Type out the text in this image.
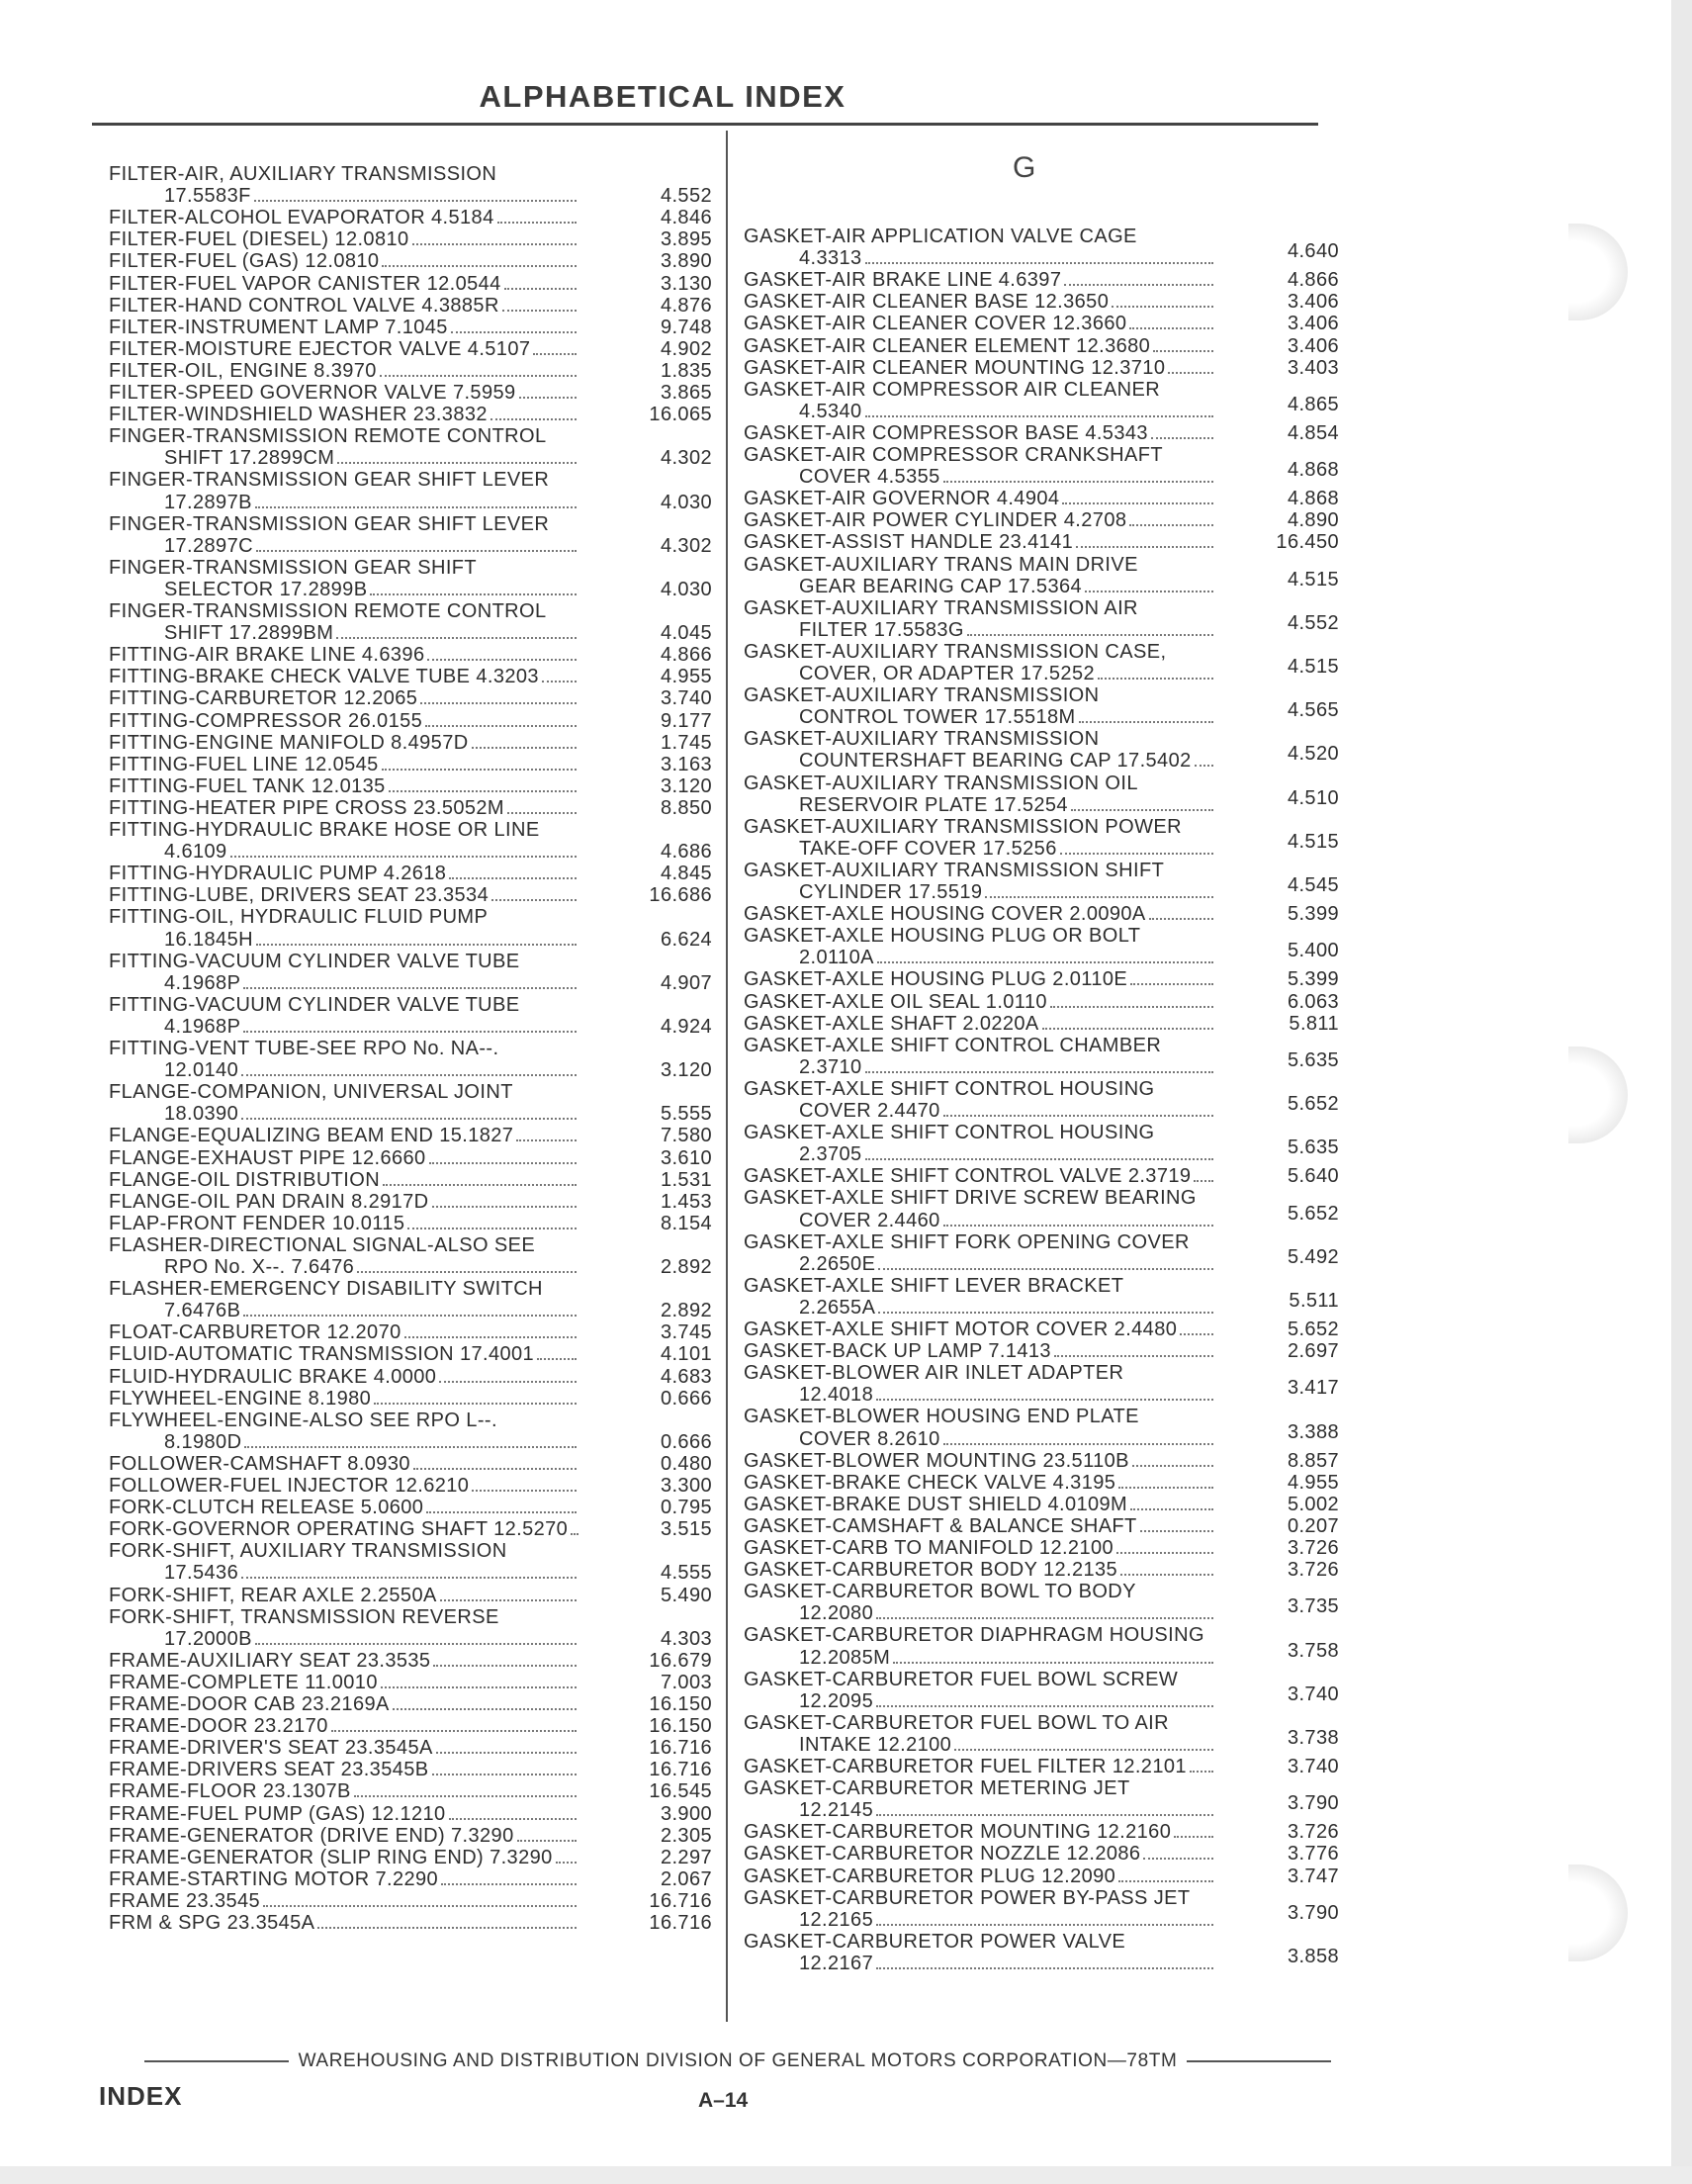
ALPHABETICAL INDEX
FILTER-AIR, AUXILIARY TRANSMISSION
17.5583F	4.552
FILTER-ALCOHOL EVAPORATOR 4.5184	4.846
FILTER-FUEL (DIESEL) 12.0810	3.895
FILTER-FUEL (GAS) 12.0810	3.890
FILTER-FUEL VAPOR CANISTER 12.0544	3.130
FILTER-HAND CONTROL VALVE 4.3885R	4.876
FILTER-INSTRUMENT LAMP 7.1045	9.748
FILTER-MOISTURE EJECTOR VALVE 4.5107	4.902
FILTER-OIL, ENGINE 8.3970	1.835
FILTER-SPEED GOVERNOR VALVE 7.5959	3.865
FILTER-WINDSHIELD WASHER 23.3832	16.065
FINGER-TRANSMISSION REMOTE CONTROL
SHIFT 17.2899CM	4.302
FINGER-TRANSMISSION GEAR SHIFT LEVER
17.2897B	4.030
FINGER-TRANSMISSION GEAR SHIFT LEVER
17.2897C	4.302
FINGER-TRANSMISSION GEAR SHIFT
SELECTOR 17.2899B	4.030
FINGER-TRANSMISSION REMOTE CONTROL
SHIFT 17.2899BM	4.045
FITTING-AIR BRAKE LINE 4.6396	4.866
FITTING-BRAKE CHECK VALVE TUBE 4.3203	4.955
FITTING-CARBURETOR 12.2065	3.740
FITTING-COMPRESSOR 26.0155	9.177
FITTING-ENGINE MANIFOLD 8.4957D	1.745
FITTING-FUEL LINE 12.0545	3.163
FITTING-FUEL TANK 12.0135	3.120
FITTING-HEATER PIPE CROSS 23.5052M	8.850
FITTING-HYDRAULIC BRAKE HOSE OR LINE
4.6109	4.686
FITTING-HYDRAULIC PUMP 4.2618	4.845
FITTING-LUBE, DRIVERS SEAT 23.3534	16.686
FITTING-OIL, HYDRAULIC FLUID PUMP
16.1845H	6.624
FITTING-VACUUM CYLINDER VALVE TUBE
4.1968P	4.907
FITTING-VACUUM CYLINDER VALVE TUBE
4.1968P	4.924
FITTING-VENT TUBE-SEE RPO No. NA--.
12.0140	3.120
FLANGE-COMPANION, UNIVERSAL JOINT
18.0390	5.555
FLANGE-EQUALIZING BEAM END 15.1827	7.580
FLANGE-EXHAUST PIPE 12.6660	3.610
FLANGE-OIL DISTRIBUTION	1.531
FLANGE-OIL PAN DRAIN 8.2917D	1.453
FLAP-FRONT FENDER 10.0115	8.154
FLASHER-DIRECTIONAL SIGNAL-ALSO SEE
RPO No. X--. 7.6476	2.892
FLASHER-EMERGENCY DISABILITY SWITCH
7.6476B	2.892
FLOAT-CARBURETOR 12.2070	3.745
FLUID-AUTOMATIC TRANSMISSION 17.4001	4.101
FLUID-HYDRAULIC BRAKE 4.0000	4.683
FLYWHEEL-ENGINE 8.1980	0.666
FLYWHEEL-ENGINE-ALSO SEE RPO L--.
8.1980D	0.666
FOLLOWER-CAMSHAFT 8.0930	0.480
FOLLOWER-FUEL INJECTOR 12.6210	3.300
FORK-CLUTCH RELEASE 5.0600	0.795
FORK-GOVERNOR OPERATING SHAFT 12.5270	3.515
FORK-SHIFT, AUXILIARY TRANSMISSION
17.5436	4.555
FORK-SHIFT, REAR AXLE 2.2550A	5.490
FORK-SHIFT, TRANSMISSION REVERSE
17.2000B	4.303
FRAME-AUXILIARY SEAT 23.3535	16.679
FRAME-COMPLETE 11.0010	7.003
FRAME-DOOR CAB 23.2169A	16.150
FRAME-DOOR 23.2170	16.150
FRAME-DRIVER'S SEAT 23.3545A	16.716
FRAME-DRIVERS SEAT 23.3545B	16.716
FRAME-FLOOR 23.1307B	16.545
FRAME-FUEL PUMP (GAS) 12.1210	3.900
FRAME-GENERATOR (DRIVE END) 7.3290	2.305
FRAME-GENERATOR (SLIP RING END) 7.3290	2.297
FRAME-STARTING MOTOR 7.2290	2.067
FRAME 23.3545	16.716
FRM & SPG 23.3545A	16.716
GASKET-AIR APPLICATION VALVE CAGE
4.3313	4.640
GASKET-AIR BRAKE LINE 4.6397	4.866
GASKET-AIR CLEANER BASE 12.3650	3.406
GASKET-AIR CLEANER COVER 12.3660	3.406
GASKET-AIR CLEANER ELEMENT 12.3680	3.406
GASKET-AIR CLEANER MOUNTING 12.3710	3.403
GASKET-AIR COMPRESSOR AIR CLEANER
4.5340	4.865
GASKET-AIR COMPRESSOR BASE 4.5343	4.854
GASKET-AIR COMPRESSOR CRANKSHAFT
COVER 4.5355	4.868
GASKET-AIR GOVERNOR 4.4904	4.868
GASKET-AIR POWER CYLINDER 4.2708	4.890
GASKET-ASSIST HANDLE 23.4141	16.450
GASKET-AUXILIARY TRANS MAIN DRIVE
GEAR BEARING CAP 17.5364	4.515
GASKET-AUXILIARY TRANSMISSION AIR
FILTER 17.5583G	4.552
GASKET-AUXILIARY TRANSMISSION CASE,
COVER, OR ADAPTER 17.5252	4.515
GASKET-AUXILIARY TRANSMISSION
CONTROL TOWER 17.5518M	4.565
GASKET-AUXILIARY TRANSMISSION
COUNTERSHAFT BEARING CAP 17.5402	4.520
GASKET-AUXILIARY TRANSMISSION OIL
RESERVOIR PLATE 17.5254	4.510
GASKET-AUXILIARY TRANSMISSION POWER
TAKE-OFF COVER 17.5256	4.515
GASKET-AUXILIARY TRANSMISSION SHIFT
CYLINDER 17.5519	4.545
GASKET-AXLE HOUSING COVER 2.0090A	5.399
GASKET-AXLE HOUSING PLUG OR BOLT
2.0110A	5.400
GASKET-AXLE HOUSING PLUG 2.0110E	5.399
GASKET-AXLE OIL SEAL 1.0110	6.063
GASKET-AXLE SHAFT 2.0220A	5.811
GASKET-AXLE SHIFT CONTROL CHAMBER
2.3710	5.635
GASKET-AXLE SHIFT CONTROL HOUSING
COVER 2.4470	5.652
GASKET-AXLE SHIFT CONTROL HOUSING
2.3705	5.635
GASKET-AXLE SHIFT CONTROL VALVE 2.3719	5.640
GASKET-AXLE SHIFT DRIVE SCREW BEARING
COVER 2.4460	5.652
GASKET-AXLE SHIFT FORK OPENING COVER
2.2650E	5.492
GASKET-AXLE SHIFT LEVER BRACKET
2.2655A	5.511
GASKET-AXLE SHIFT MOTOR COVER 2.4480	5.652
GASKET-BACK UP LAMP 7.1413	2.697
GASKET-BLOWER AIR INLET ADAPTER
12.4018	3.417
GASKET-BLOWER HOUSING END PLATE
COVER 8.2610	3.388
GASKET-BLOWER MOUNTING 23.5110B	8.857
GASKET-BRAKE CHECK VALVE 4.3195	4.955
GASKET-BRAKE DUST SHIELD 4.0109M	5.002
GASKET-CAMSHAFT & BALANCE SHAFT	0.207
GASKET-CARB TO MANIFOLD 12.2100	3.726
GASKET-CARBURETOR BODY 12.2135	3.726
GASKET-CARBURETOR BOWL TO BODY
12.2080	3.735
GASKET-CARBURETOR DIAPHRAGM HOUSING
12.2085M	3.758
GASKET-CARBURETOR FUEL BOWL SCREW
12.2095	3.740
GASKET-CARBURETOR FUEL BOWL TO AIR
INTAKE 12.2100	3.738
GASKET-CARBURETOR FUEL FILTER 12.2101	3.740
GASKET-CARBURETOR METERING JET
12.2145	3.790
GASKET-CARBURETOR MOUNTING 12.2160	3.726
GASKET-CARBURETOR NOZZLE 12.2086	3.776
GASKET-CARBURETOR PLUG 12.2090	3.747
GASKET-CARBURETOR POWER BY-PASS JET
12.2165	3.790
GASKET-CARBURETOR POWER VALVE
12.2167	3.858
G
WAREHOUSING AND DISTRIBUTION DIVISION OF GENERAL MOTORS CORPORATION—78TM
INDEX	A–14
